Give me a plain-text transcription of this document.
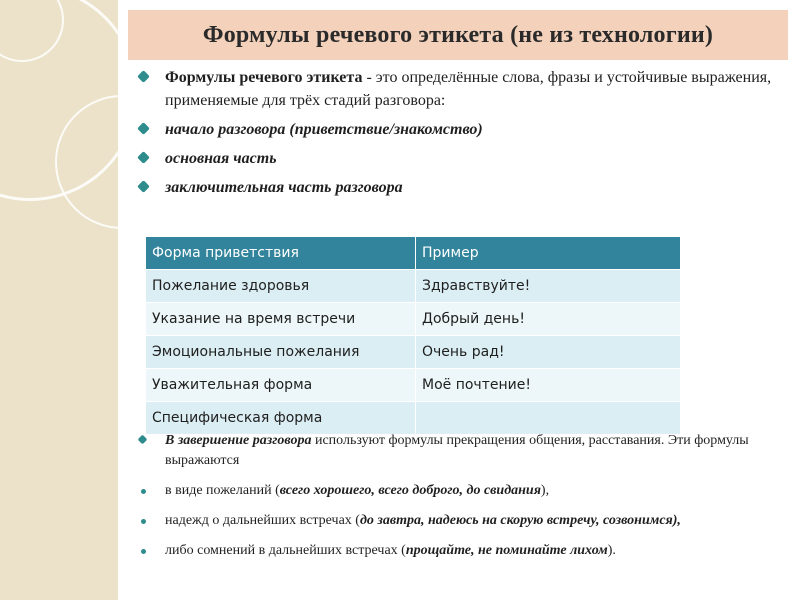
Формулы речевого этикета (не из технологии)
Формулы речевого этикета - это определённые слова, фразы и устойчивые выражения, применяемые для трёх стадий разговора:
начало разговора (приветствие/знакомство)
основная часть
заключительная часть разговора
Форма приветствия	Пример
Пожелание здоровья	Здравствуйте!
Указание на время встречи	Добрый день!
Эмоциональные пожелания	Очень рад!
Уважительная форма	Моё почтение!
Специфическая форма	
В завершение разговора используют формулы прекращения общения, расставания. Эти формулы выражаются
в виде пожеланий (всего хорошего, всего доброго, до свидания),
надежд о дальнейших встречах (до завтра, надеюсь на скорую встречу, созвонимся),
либо сомнений в дальнейших встречах (прощайте, не поминайте лихом).
